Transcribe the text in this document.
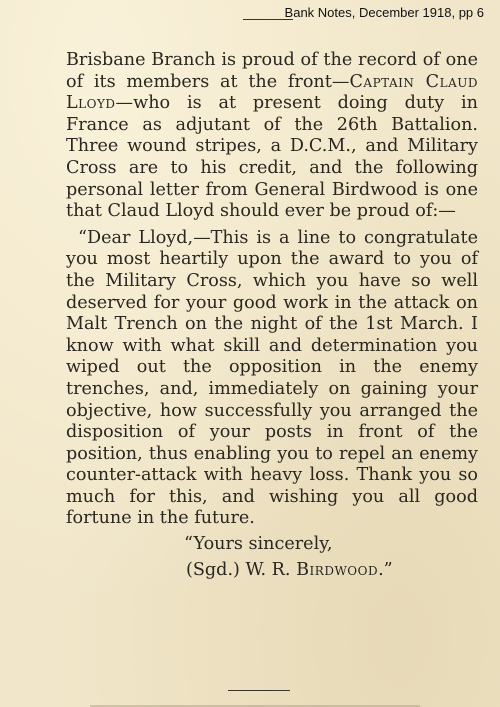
Bank Notes, December 1918, pp 6

Brisbane Branch is proud of the record of one of its members at the front—Captain Claud Lloyd—who is at present doing duty in France as adjutant of the 26th Battalion. Three wound stripes, a D.C.M., and Military Cross are to his credit, and the following personal letter from General Birdwood is one that Claud Lloyd should ever be proud of:—

“Dear Lloyd,—This is a line to congratulate you most heartily upon the award to you of the Military Cross, which you have so well deserved for your good work in the attack on Malt Trench on the night of the 1st March. I know with what skill and determination you wiped out the opposition in the enemy trenches, and, immediately on gaining your objective, how successfully you arranged the disposition of your posts in front of the position, thus enabling you to repel an enemy counter-attack with heavy loss. Thank you so much for this, and wishing you all good fortune in the future.

“Yours sincerely,

(Sgd.) W. R. Birdwood.”
